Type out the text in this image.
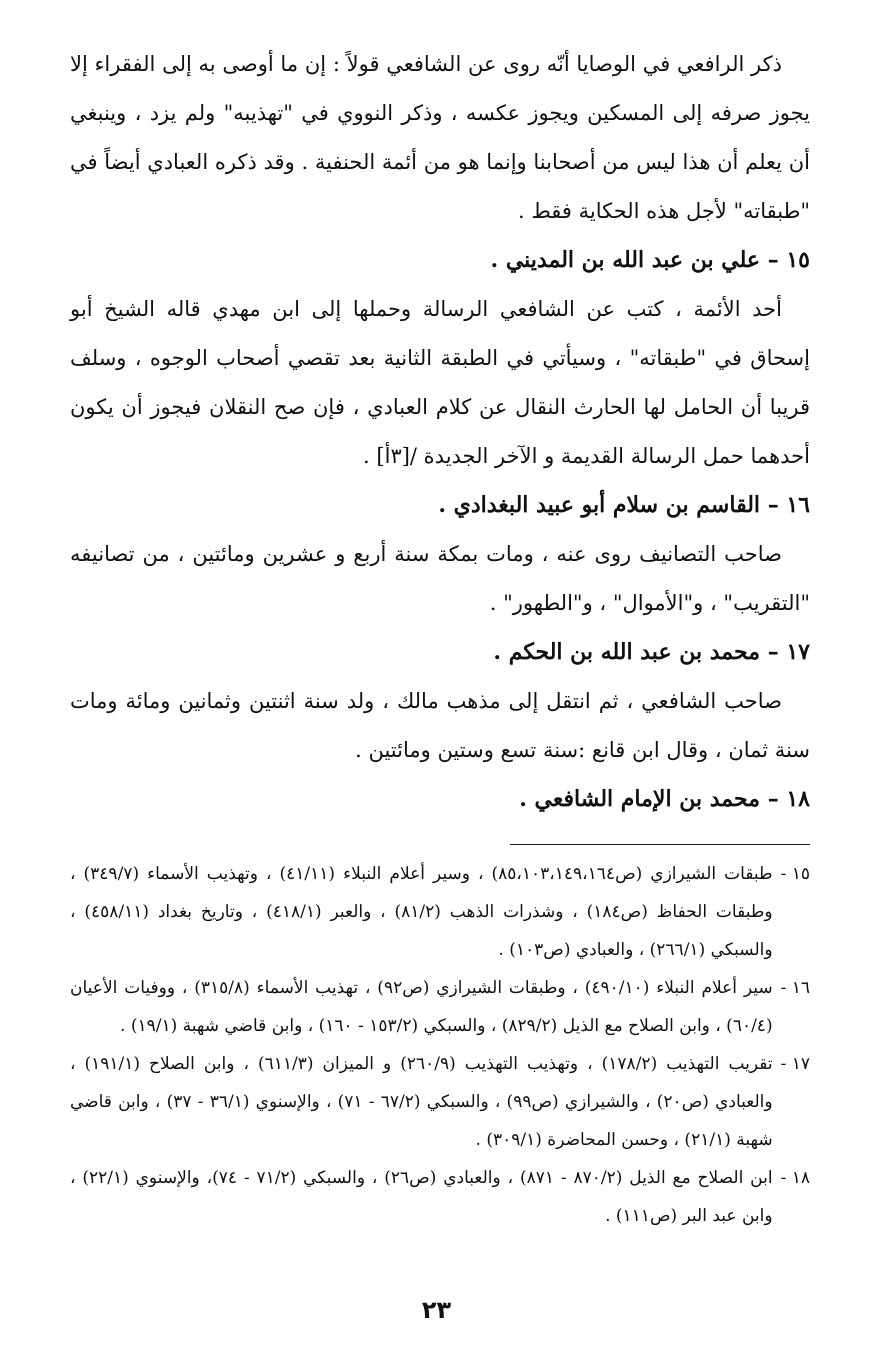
ذكر الرافعي في الوصايا أنّه روى عن الشافعي قولاً : إن ما أوصى به إلى الفقراء إلا يجوز صرفه إلى المسكين ويجوز عكسه ، وذكر النووي في "تهذيبه" ولم يزد ، وينبغي أن يعلم أن هذا ليس من أصحابنا وإنما هو من أئمة الحنفية . وقد ذكره العبادي أيضاً في "طبقاته" لأجل هذه الحكاية فقط .

١٥ – علي بن عبد الله بن المديني .

أحد الأئمة ، كتب عن الشافعي الرسالة وحملها إلى ابن مهدي قاله الشيخ أبو إسحاق في "طبقاته" ، وسيأتي في الطبقة الثانية بعد تقصي أصحاب الوجوه ، وسلف قريبا أن الحامل لها الحارث النقال عن كلام العبادي ، فإن صح النقلان فيجوز أن يكون أحدهما حمل الرسالة القديمة و الآخر الجديدة /[٣أ] .

١٦ – القاسم بن سلام أبو عبيد البغدادي .

صاحب التصانيف روى عنه ، ومات بمكة سنة أربع و عشرين ومائتين ، من تصانيفه "التقريب" ، و"الأموال" ، و"الطهور" .

١٧ – محمد بن عبد الله بن الحكم .

صاحب الشافعي ، ثم انتقل إلى مذهب مالك ، ولد سنة اثنتين وثمانين ومائة ومات سنة ثمان ، وقال ابن قانع :سنة تسع وستين ومائتين .

١٨ – محمد بن الإمام الشافعي .
١٥ -
طبقات الشيرازي (ص٨٥،١٠٣،١٤٩،١٦٤) ، وسير أعلام النبلاء (٤١/١١) ، وتهذيب الأسماء (٣٤٩/٧) ، وطبقات الحفاظ (ص١٨٤) ، وشذرات الذهب (٨١/٢) ، والعبر (٤١٨/١) ، وتاريخ بغداد (٤٥٨/١١) ، والسبكي (٢٦٦/١) ، والعبادي (ص١٠٣) .
١٦ -
سير أعلام النبلاء (٤٩٠/١٠) ، وطبقات الشيرازي (ص٩٢) ، تهذيب الأسماء (٣١٥/٨) ، ووفيات الأعيان (٦٠/٤) ، وابن الصلاح مع الذيل (٨٢٩/٢) ، والسبكي (١٥٣/٢ - ١٦٠) ، وابن قاضي شهبة (١٩/١) .
١٧ -
تقريب التهذيب (١٧٨/٢) ، وتهذيب التهذيب (٢٦٠/٩) و الميزان (٦١١/٣) ، وابن الصلاح (١٩١/١) ، والعبادي (ص٢٠) ، والشيرازي (ص٩٩) ، والسبكي (٦٧/٢ - ٧١) ، والإسنوي (٣٦/١ - ٣٧) ، وابن قاضي شهبة (٢١/١) ، وحسن المحاضرة (٣٠٩/١) .
١٨ -
ابن الصلاح مع الذيل (٨٧٠/٢ - ٨٧١) ، والعبادي (ص٢٦) ، والسبكي (٧١/٢ - ٧٤)، والإسنوي (٢٢/١) ، وابن عبد البر (ص١١١) .
٢٣
